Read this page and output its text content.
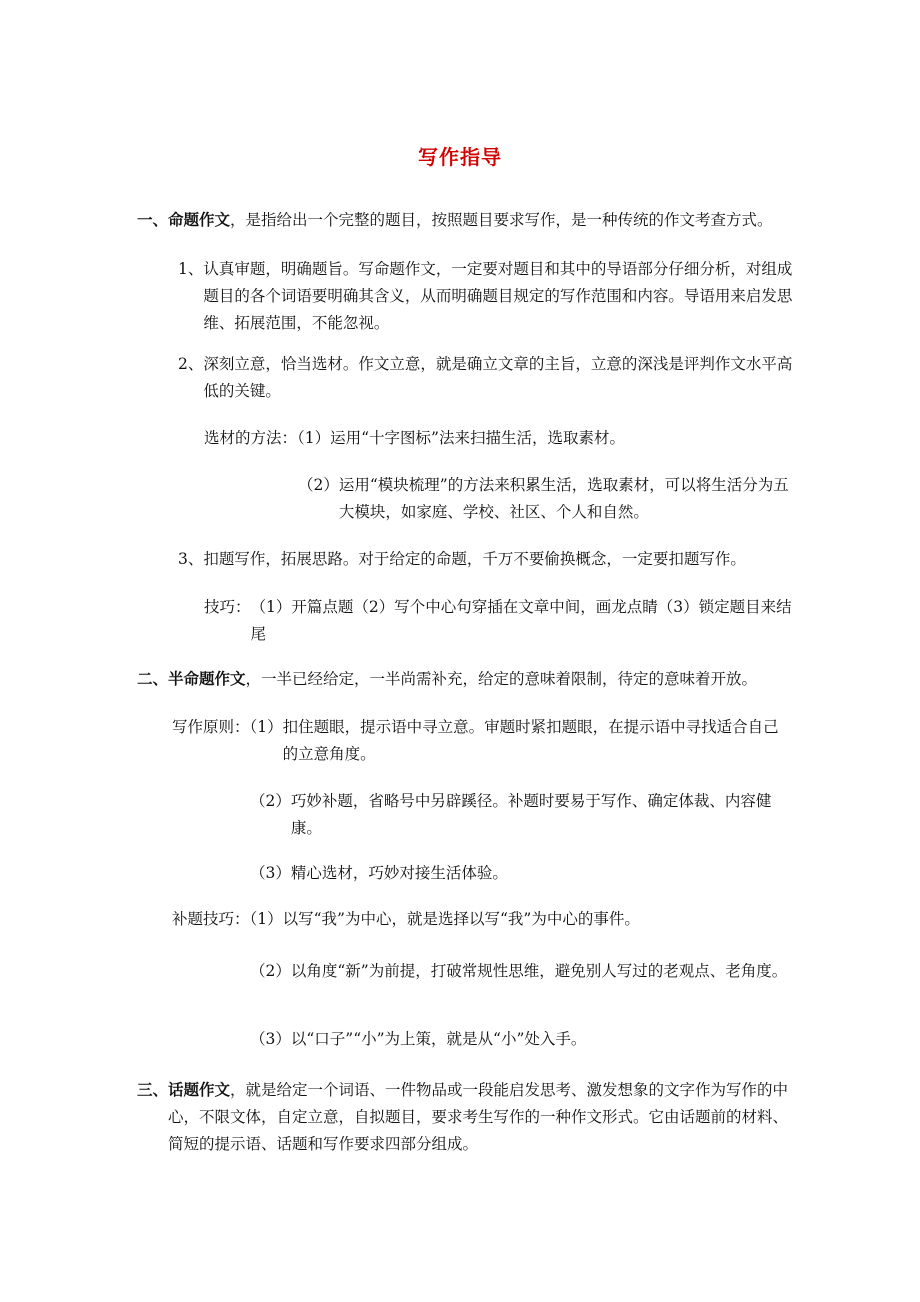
写作指导

一、命题作文，是指给出一个完整的题目，按照题目要求写作，是一种传统的作文考查方式。

1、 认真审题，明确题旨。写命题作文，一定要对题目和其中的导语部分仔细分析，对组成题目的各个词语要明确其含义，从而明确题目规定的写作范围和内容。导语用来启发思维、拓展范围，不能忽视。
2、 深刻立意，恰当选材。作文立意，就是确立文章的主旨，立意的深浅是评判作文水平高低的关键。

选材的方法：（1）运用“十字图标”法来扫描生活，选取素材。

（2） 运用“模块梳理”的方法来积累生活，选取素材，可以将生活分为五大模块，如家庭、学校、社区、个人和自然。
3、 扣题写作，拓展思路。对于给定的命题，千万不要偷换概念，一定要扣题写作。
技巧： （1）开篇点题（2）写个中心句穿插在文章中间，画龙点睛（3）锁定题目来结尾

二、半命题作文，一半已经给定，一半尚需补充，给定的意味着限制，待定的意味着开放。

写作原则：（1） 扣住题眼，提示语中寻立意。审题时紧扣题眼，在提示语中寻找适合自己的立意角度。
（2） 巧妙补题，省略号中另辟蹊径。补题时要易于写作、确定体裁、内容健康。

（3）精心选材，巧妙对接生活体验。

补题技巧：（1）以写“我”为中心，就是选择以写“我”为中心的事件。

（2） 以角度“新”为前提，打破常规性思维，避免别人写过的老观点、老角度。

（3）以“口子”“小”为上策，就是从“小”处入手。

三、 话题作文，就是给定一个词语、一件物品或一段能启发思考、激发想象的文字作为写作的中心，不限文体，自定立意，自拟题目，要求考生写作的一种作文形式。它由话题前的材料、简短的提示语、话题和写作要求四部分组成。
